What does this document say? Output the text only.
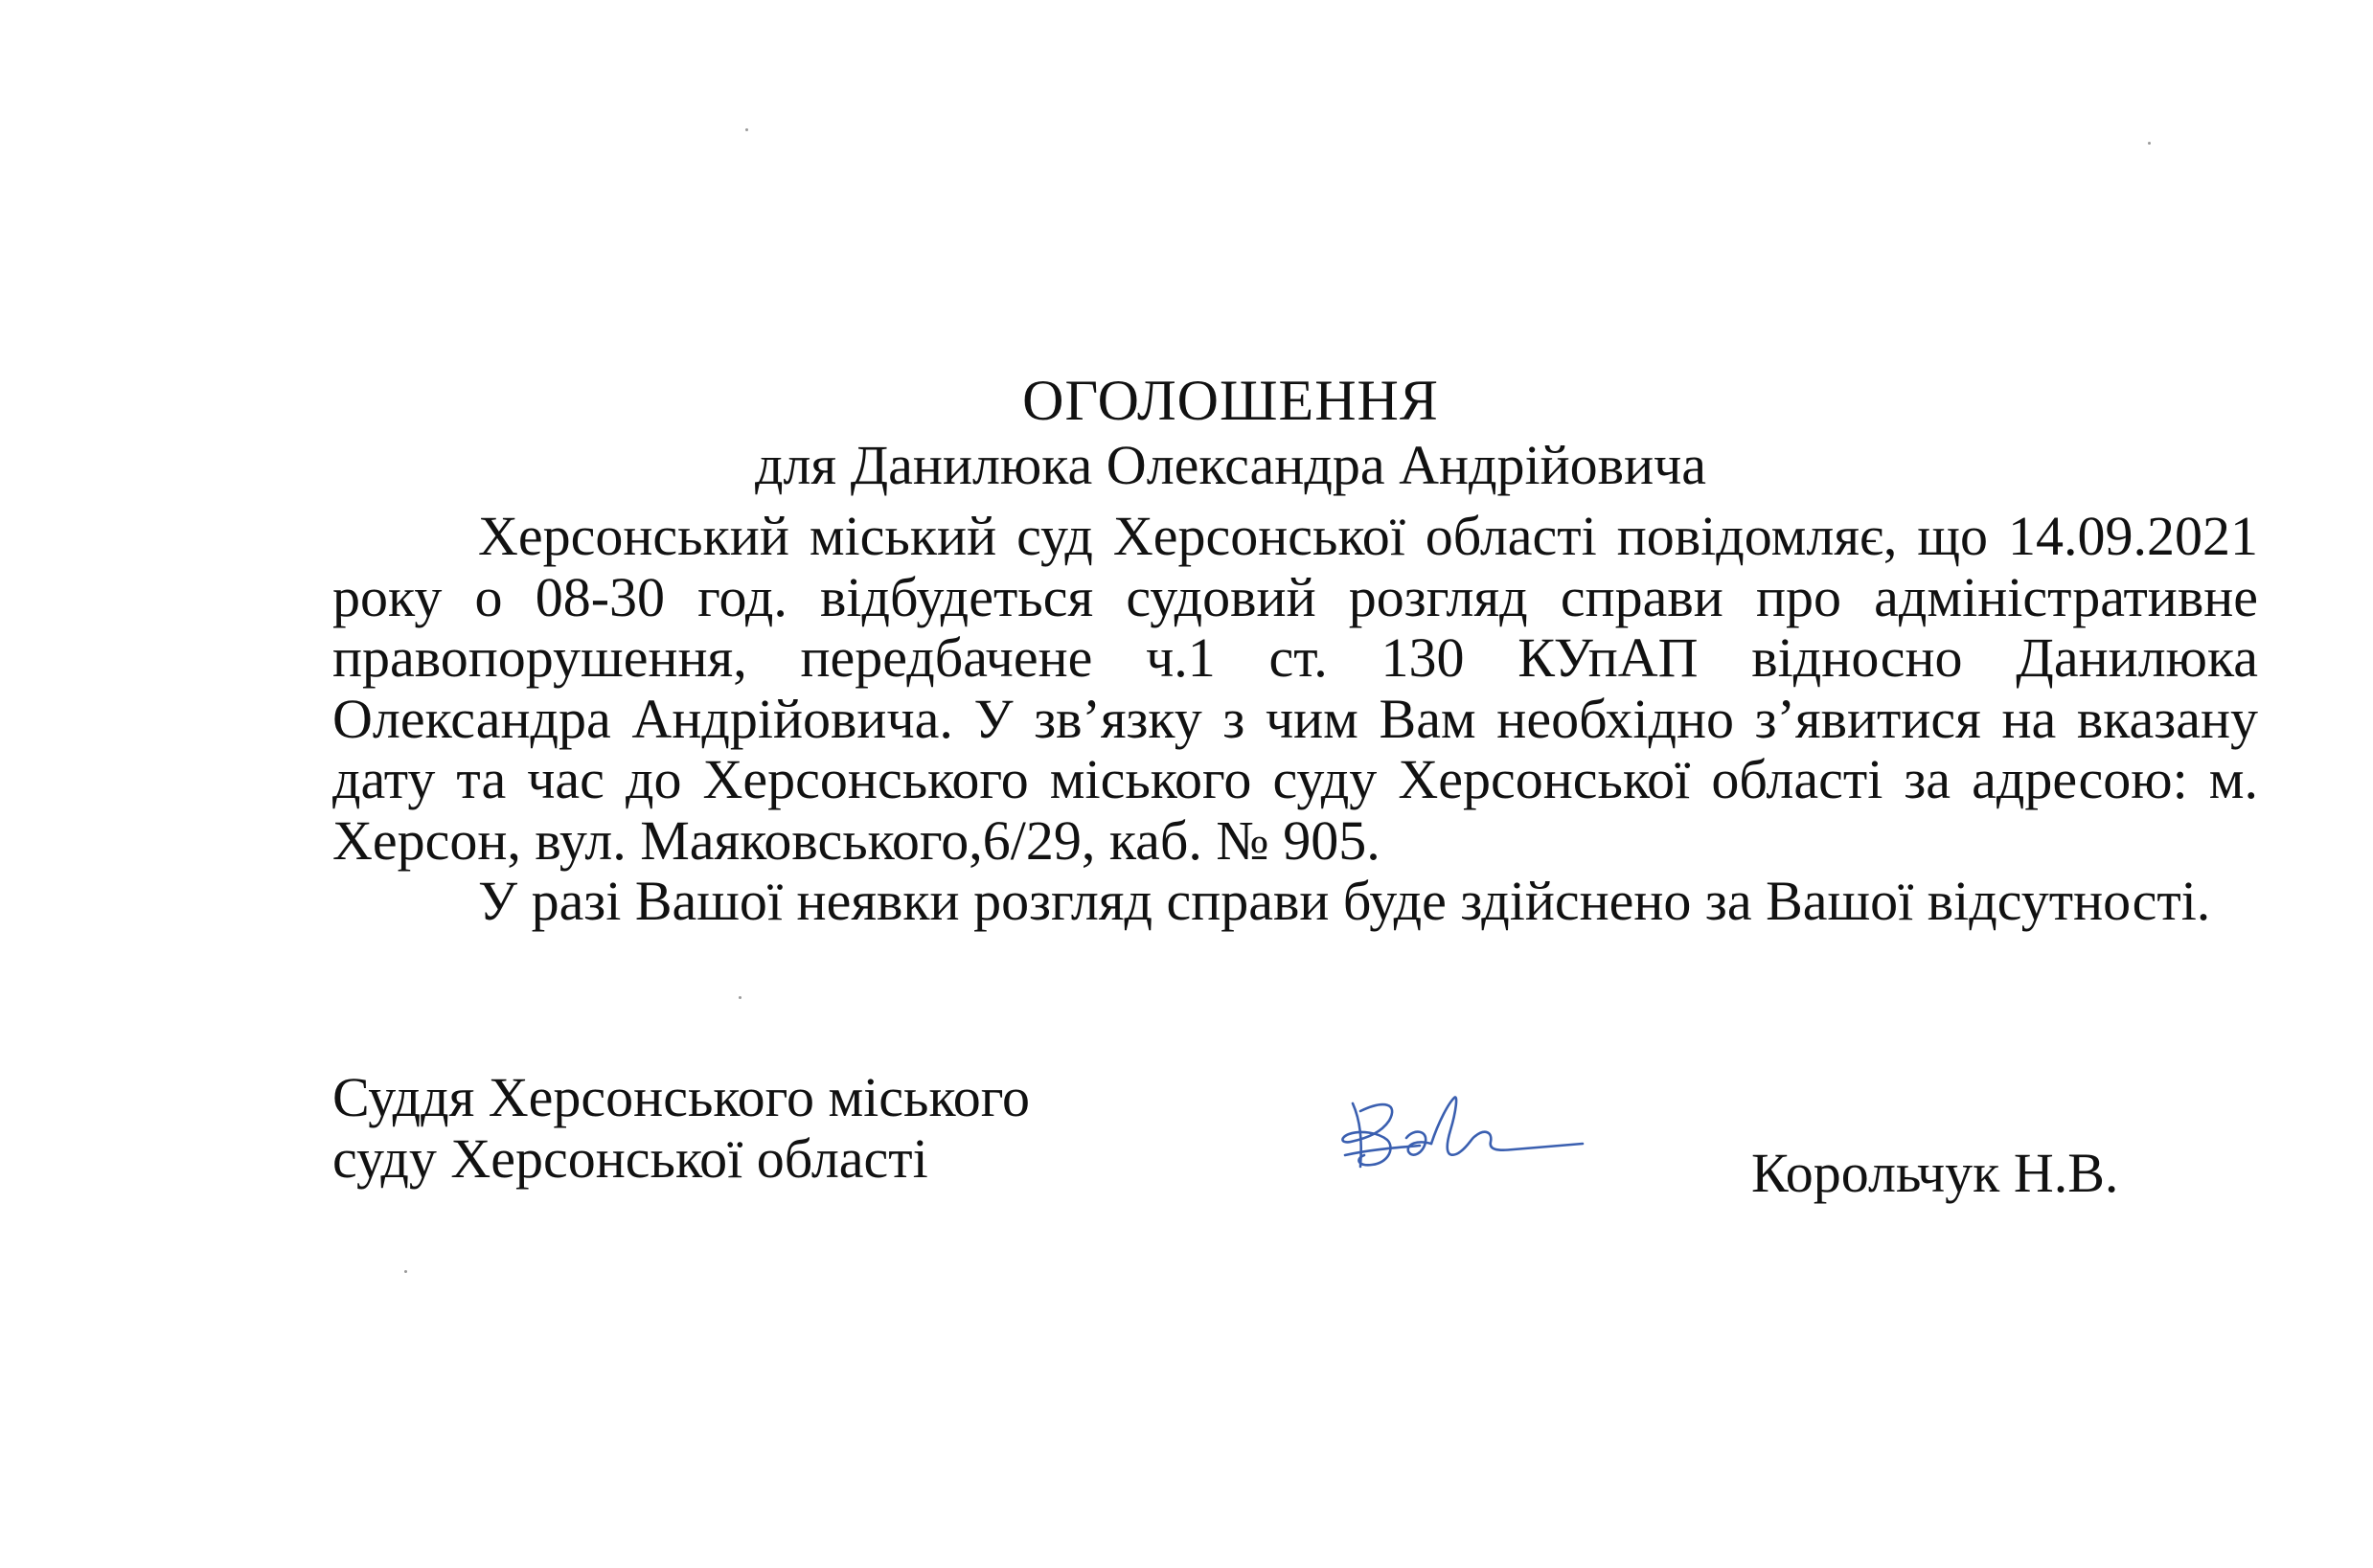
ОГОЛОШЕННЯ
для Данилюка Олександра Андрійовича

Херсонський міський суд Херсонської області повідомляє, що 14.09.2021
року о 08-30 год. відбудеться судовий розгляд справи про адміністративне
правопорушення, передбачене ч.1 ст. 130 КУпАП відносно Данилюка
Олександра Андрійовича. У зв’язку з чим Вам необхідно з’явитися на вказану
дату та час до Херсонського міського суду Херсонської області за адресою: м.
Херсон, вул. Маяковського,6/29, каб. № 905.

У разі Вашої неявки розгляд справи буде здійснено за Вашої відсутності.

Суддя Херсонського міського
суду Херсонської області	Корольчук Н.В.
